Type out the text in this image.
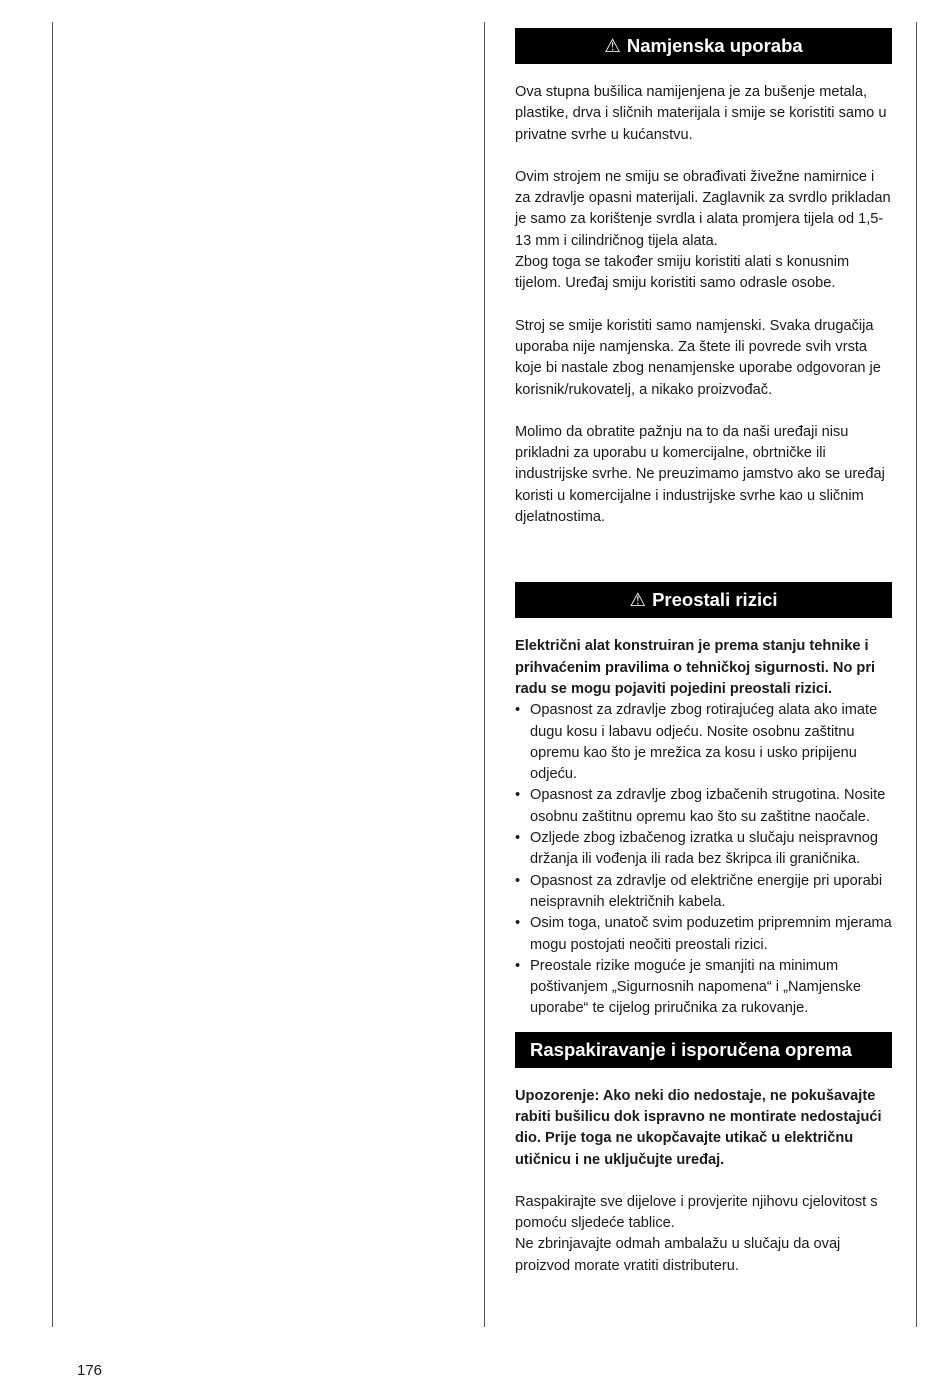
⚠ Namjenska uporaba

Ova stupna bušilica namijenjena je za bušenje metala, plastike, drva i sličnih materijala i smije se koristiti samo u privatne svrhe u kućanstvu.

Ovim strojem ne smiju se obrađivati živežne namirnice i za zdravlje opasni materijali. Zaglavnik za svrdlo prikladan je samo za korištenje svrdla i alata promjera tijela od 1,5- 13 mm i cilindričnog tijela alata.
Zbog toga se također smiju koristiti alati s konusnim tijelom. Uređaj smiju koristiti samo odrasle osobe.

Stroj se smije koristiti samo namjenski. Svaka drugačija uporaba nije namjenska. Za štete ili povrede svih vrsta koje bi nastale zbog nenamjenske uporabe odgovoran je korisnik/rukovatelj, a nikako proizvođač.

Molimo da obratite pažnju na to da naši uređaji nisu prikladni za uporabu u komercijalne, obrtničke ili industrijske svrhe. Ne preuzimamo jamstvo ako se uređaj koristi u komercijalne i industrijske svrhe kao u sličnim djelatnostima.

⚠ Preostali rizici

Električni alat konstruiran je prema stanju tehnike i prihvaćenim pravilima o tehničkoj sigurnosti. No pri radu se mogu pojaviti pojedini preostali rizici.

• Opasnost za zdravlje zbog rotirajućeg alata ako imate dugu kosu i labavu odjeću. Nosite osobnu zaštitnu opremu kao što je mrežica za kosu i usko pripijenu odjeću.
• Opasnost za zdravlje zbog izbačenih strugotina. Nosite osobnu zaštitnu opremu kao što su zaštitne naočale.
• Ozljede zbog izbačenog izratka u slučaju neispravnog držanja ili vođenja ili rada bez škripca ili graničnika.
• Opasnost za zdravlje od električne energije pri uporabi neispravnih električnih kabela.
• Osim toga, unatoč svim poduzetim pripremnim mjerama mogu postojati neočiti preostali rizici.
• Preostale rizike moguće je smanjiti na minimum poštivanjem „Sigurnosnih napomena“ i „Namjenske uporabe“ te cijelog priručnika za rukovanje.
Raspakiravanje i isporučena oprema

Upozorenje: Ako neki dio nedostaje, ne pokušavajte rabiti bušilicu dok ispravno ne montirate nedostajući dio. Prije toga ne ukopčavajte utikač u električnu utičnicu i ne uključujte uređaj.

Raspakirajte sve dijelove i provjerite njihovu cjelovitost s pomoću sljedeće tablice.
Ne zbrinjavajte odmah ambalažu u slučaju da ovaj proizvod morate vratiti distributeru.

176
